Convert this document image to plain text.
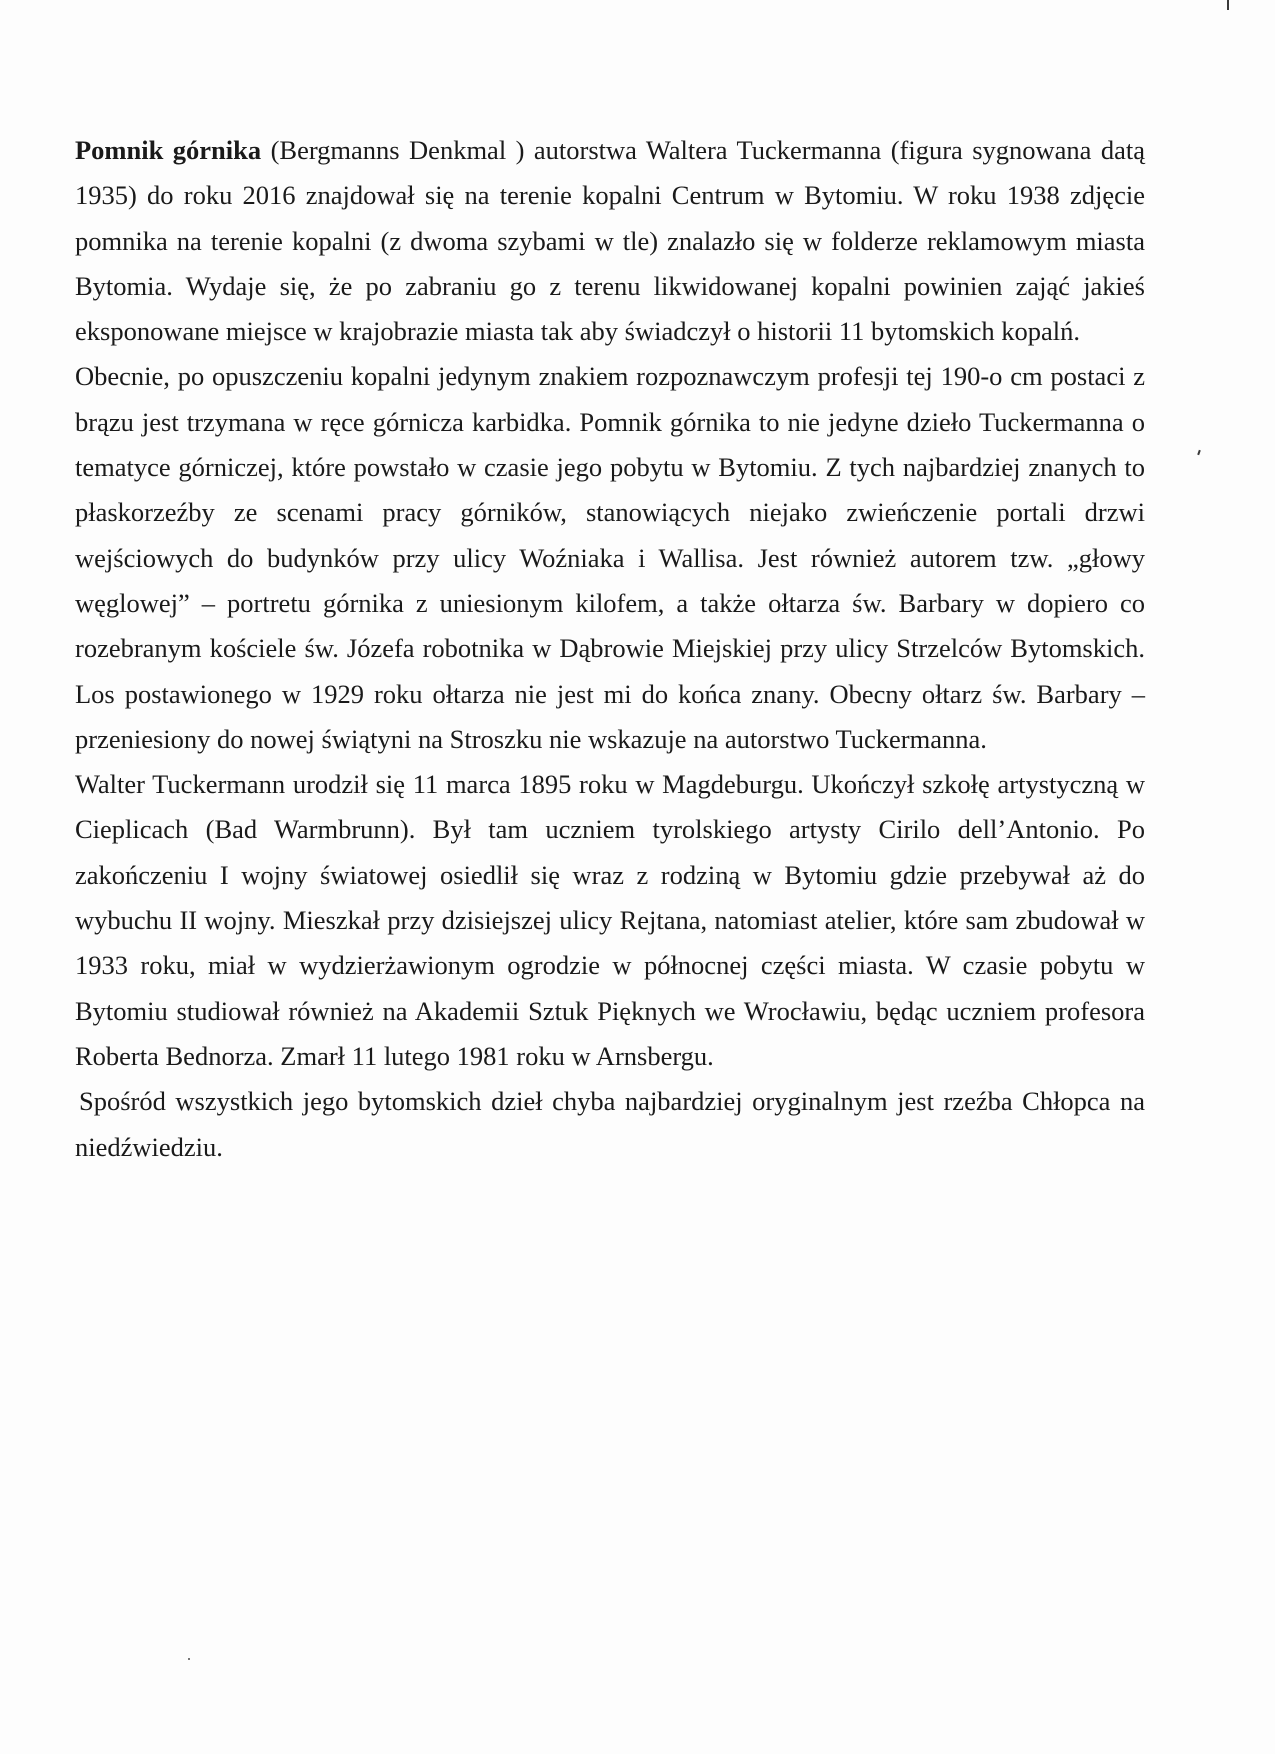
Pomnik górnika (Bergmanns Denkmal ) autorstwa Waltera Tuckermanna (figura sygnowana datą 1935) do roku 2016 znajdował się na terenie kopalni Centrum w Bytomiu. W roku 1938 zdjęcie pomnika na terenie kopalni (z dwoma szybami w tle) znalazło się w folderze reklamowym miasta Bytomia. Wydaje się, że po zabraniu go z terenu likwidowanej kopalni powinien zająć jakieś eksponowane miejsce w krajobrazie miasta tak aby świadczył o historii 11 bytomskich kopalń.

Obecnie, po opuszczeniu kopalni jedynym znakiem rozpoznawczym profesji tej 190-o cm postaci z brązu jest trzymana w ręce górnicza karbidka. Pomnik górnika to nie jedyne dzieło Tuckermanna o tematyce górniczej, które powstało w czasie jego pobytu w Bytomiu. Z tych najbardziej znanych to płaskorzeźby ze scenami pracy górników, stanowiących niejako zwieńczenie portali drzwi wejściowych do budynków przy ulicy Woźniaka i Wallisa. Jest również autorem tzw. „głowy węglowej” – portretu górnika z uniesionym kilofem, a także ołtarza św. Barbary w dopiero co rozebranym kościele św. Józefa robotnika w Dąbrowie Miejskiej przy ulicy Strzelców Bytomskich. Los postawionego w 1929 roku ołtarza nie jest mi do końca znany. Obecny ołtarz św. Barbary – przeniesiony do nowej świątyni na Stroszku nie wskazuje na autorstwo Tuckermanna.

Walter Tuckermann urodził się 11 marca 1895 roku w Magdeburgu. Ukończył szkołę artystyczną w Cieplicach (Bad Warmbrunn). Był tam uczniem tyrolskiego artysty Cirilo dell’Antonio. Po zakończeniu I wojny światowej osiedlił się wraz z rodziną w Bytomiu gdzie przebywał aż do wybuchu II wojny. Mieszkał przy dzisiejszej ulicy Rejtana, natomiast atelier, które sam zbudował w 1933 roku, miał w wydzierżawionym ogrodzie w północnej części miasta. W czasie pobytu w Bytomiu studiował również na Akademii Sztuk Pięknych we Wrocławiu, będąc uczniem profesora Roberta Bednorza. Zmarł 11 lutego 1981 roku w Arnsbergu.

Spośród wszystkich jego bytomskich dzieł chyba najbardziej oryginalnym jest rzeźba Chłopca na niedźwiedziu.
